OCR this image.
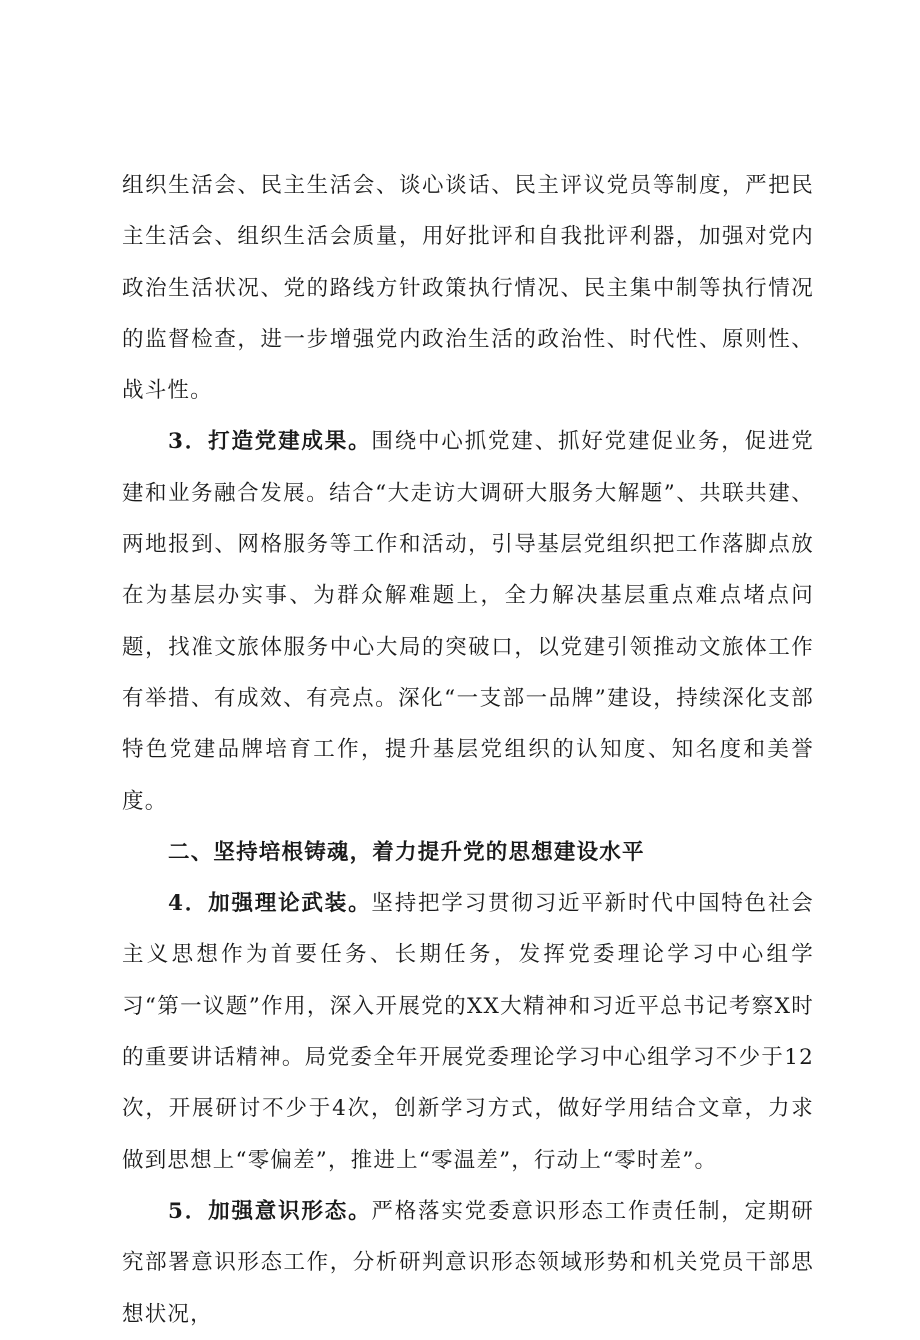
组织生活会、民主生活会、谈心谈话、民主评议党员等制度，严把民主生活会、组织生活会质量，用好批评和自我批评利器，加强对党内政治生活状况、党的路线方针政策执行情况、民主集中制等执行情况的监督检查，进一步增强党内政治生活的政治性、时代性、原则性、战斗性。

3．打造党建成果。围绕中心抓党建、抓好党建促业务，促进党建和业务融合发展。结合“大走访大调研大服务大解题”、共联共建、两地报到、网格服务等工作和活动，引导基层党组织把工作落脚点放在为基层办实事、为群众解难题上，全力解决基层重点难点堵点问题，找准文旅体服务中心大局的突破口，以党建引领推动文旅体工作有举措、有成效、有亮点。深化“一支部一品牌”建设，持续深化支部特色党建品牌培育工作，提升基层党组织的认知度、知名度和美誉度。

二、坚持培根铸魂，着力提升党的思想建设水平

4．加强理论武装。坚持把学习贯彻习近平新时代中国特色社会主义思想作为首要任务、长期任务，发挥党委理论学习中心组学习“第一议题”作用，深入开展党的XX大精神和习近平总书记考察X时的重要讲话精神。局党委全年开展党委理论学习中心组学习不少于12次，开展研讨不少于4次，创新学习方式，做好学用结合文章，力求做到思想上“零偏差”，推进上“零温差”，行动上“零时差”。

5．加强意识形态。严格落实党委意识形态工作责任制，定期研究部署意识形态工作，分析研判意识形态领域形势和机关党员干部思想状况，
